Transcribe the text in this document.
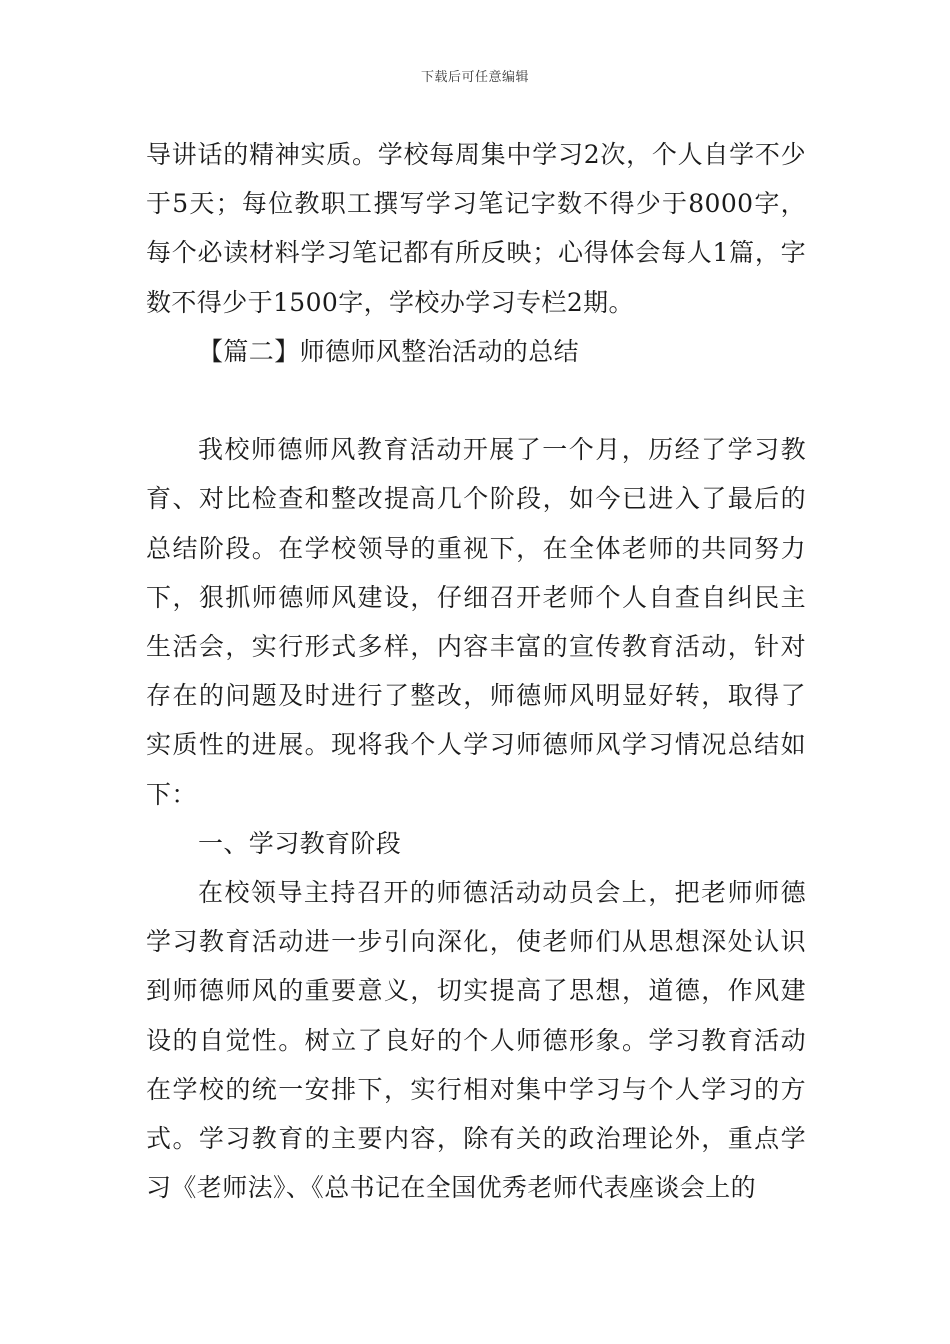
下载后可任意编辑

导讲话的精神实质。学校每周集中学习2次，个人自学不少于5天；每位教职工撰写学习笔记字数不得少于8000字，每个必读材料学习笔记都有所反映；心得体会每人1篇，字数不得少于1500字，学校办学习专栏2期。

【篇二】师德师风整治活动的总结

我校师德师风教育活动开展了一个月，历经了学习教育、对比检查和整改提高几个阶段，如今已进入了最后的总结阶段。在学校领导的重视下，在全体老师的共同努力下，狠抓师德师风建设，仔细召开老师个人自查自纠民主生活会，实行形式多样，内容丰富的宣传教育活动，针对存在的问题及时进行了整改，师德师风明显好转，取得了实质性的进展。现将我个人学习师德师风学习情况总结如下：

一、学习教育阶段

在校领导主持召开的师德活动动员会上，把老师师德学习教育活动进一步引向深化，使老师们从思想深处认识到师德师风的重要意义，切实提高了思想，道德，作风建设的自觉性。树立了良好的个人师德形象。学习教育活动在学校的统一安排下，实行相对集中学习与个人学习的方式。学习教育的主要内容，除有关的政治理论外，重点学习《老师法》、《总书记在全国优秀老师代表座谈会上的
